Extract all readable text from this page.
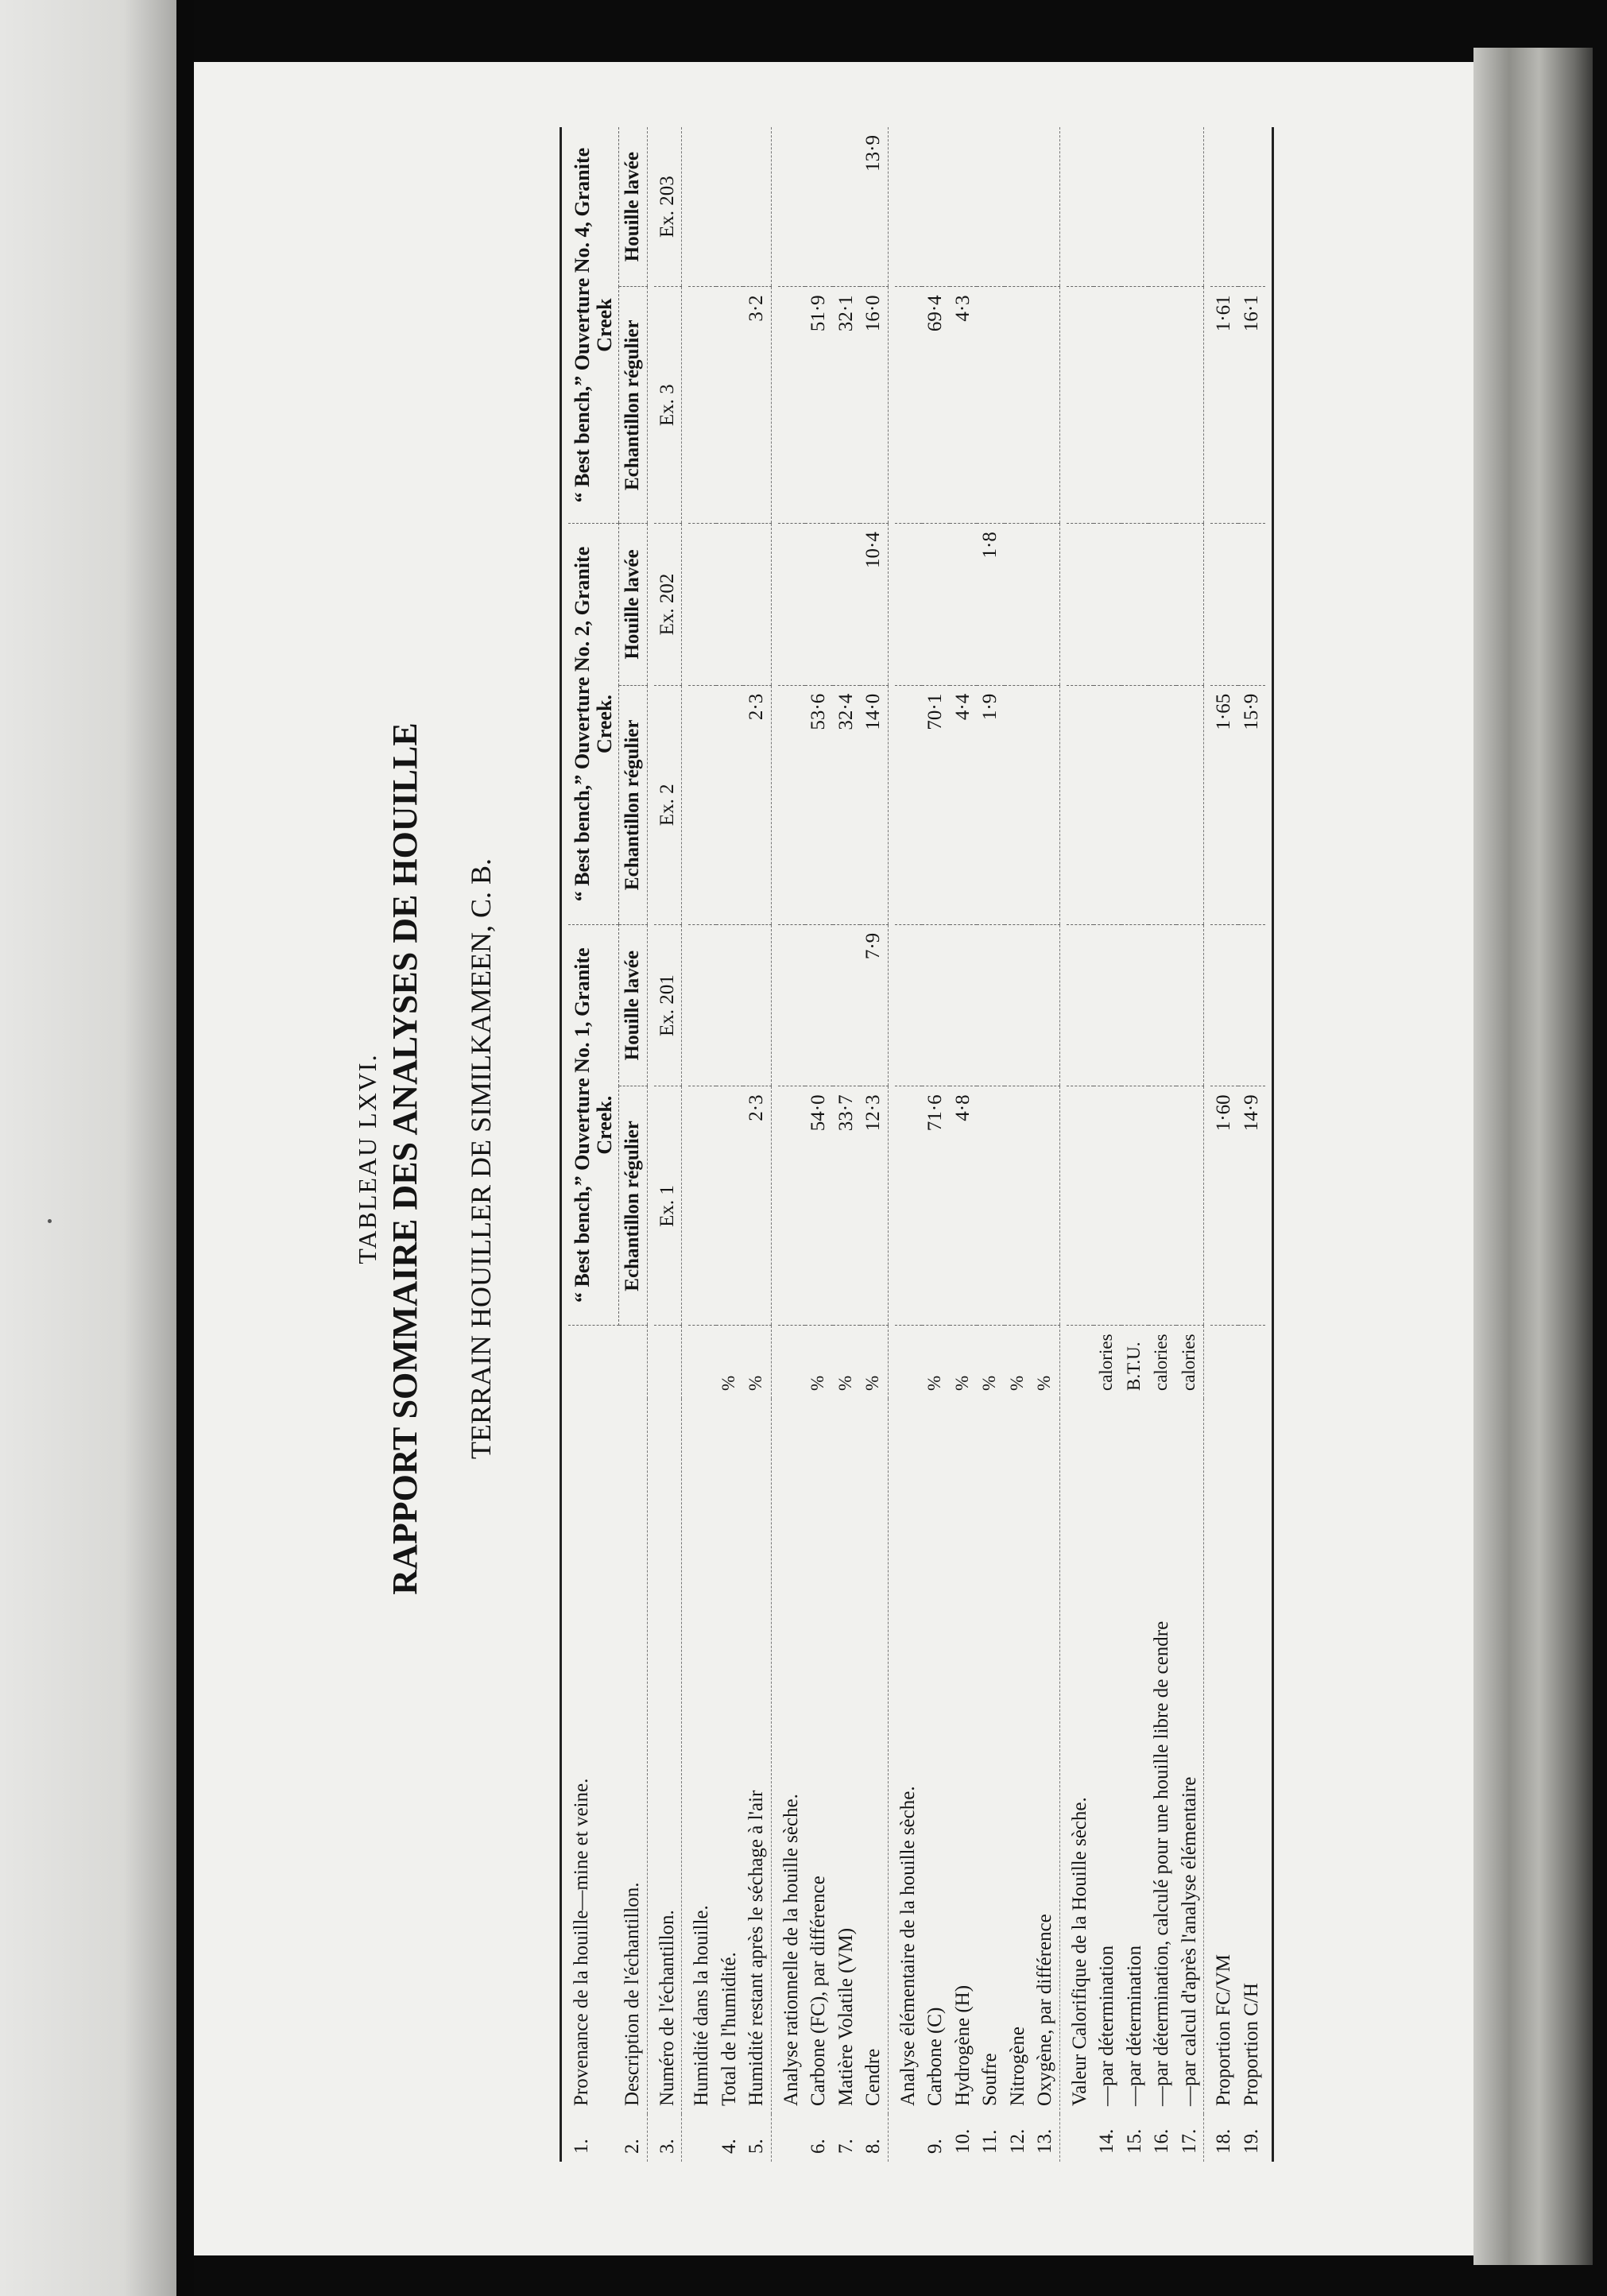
TABLEAU LXVI. RAPPORT SOMMAIRE DES ANALYSES DE HOUILLE TERRAIN HOUILLER DE SIMILKAMEEN, C. B.

1.	Provenance de la houille—mine et veine.		“ Best bench,” Ouverture No. 1, Granite Creek.		“ Best bench,” Ouverture No. 2, Granite Creek.		“ Best bench,” Ouverture No. 4, Granite Creek	
2.	Description de l'échantillon.		Echantillon régulier	Houille lavée	Echantillon régulier	Houille lavée	Echantillon régulier	Houille lavée

3.	Numéro de l'échantillon.		Ex. 1	Ex. 201	Ex. 2	Ex. 202	Ex. 3	Ex. 203

	Humidité dans la houille.							
4.	Total de l'humidité.	%						
5.	Humidité restant après le séchage à l'air	%	2·3		2·3		3·2	

	Analyse rationnelle de la houille sèche.							
6.	Carbone (FC), par différence	%	54·0		53·6		51·9	
7.	Matière Volatile (VM)	%	33·7		32·4		32·1	
8.	Cendre	%	12·3	7·9	14·0	10·4	16·0	13·9

	Analyse élémentaire de la houille sèche.							
9.	Carbone (C)	%	71·6		70·1		69·4	
10.	Hydrogène (H)	%	4·8		4·4		4·3	
11.	Soufre	%			1·9	1·8		
12.	Nitrogène	%						
13.	Oxygène, par différence	%						

	Valeur Calorifique de la Houille sèche.							
14.	—par détermination	calories						
15.	—par détermination	B.T.U.						
16.	—par détermination, calculé pour une houille libre de cendre	calories						
17.	—par calcul d'après l'analyse élémentaire	calories						

18.	Proportion FC/VM		1·60		1·65		1·61	
19.	Proportion C/H		14·9		15·9		16·1	
